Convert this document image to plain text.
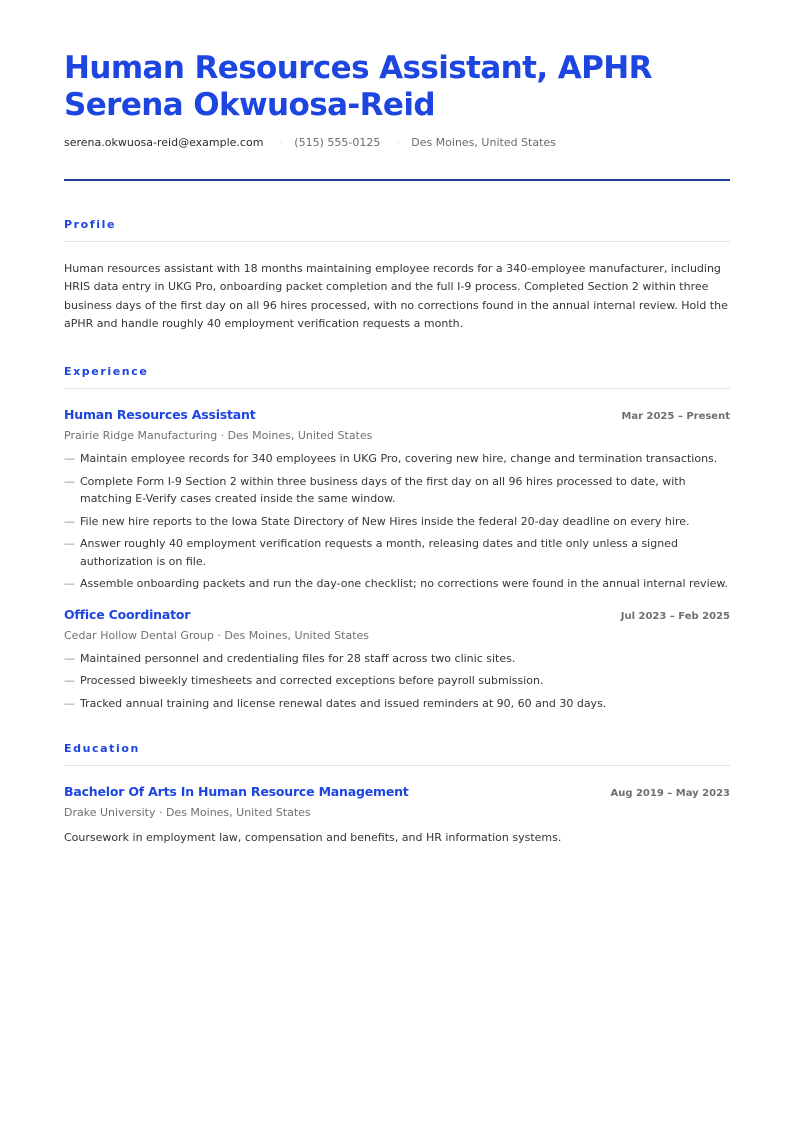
Human Resources Assistant, APHR Serena Okwuosa-Reid
serena.okwuosa-reid@example.com · (515) 555-0125 · Des Moines, United States
Profile

Human resources assistant with 18 months maintaining employee records for a 340-employee manufacturer, including HRIS data entry in UKG Pro, onboarding packet completion and the full I-9 process. Completed Section 2 within three business days of the first day on all 96 hires processed, with no corrections found in the annual internal review. Hold the aPHR and handle roughly 40 employment verification requests a month.

Experience
Human Resources Assistant	Mar 2025 – Present
Prairie Ridge Manufacturing · Des Moines, United States
— Maintain employee records for 340 employees in UKG Pro, covering new hire, change and termination transactions.
— Complete Form I-9 Section 2 within three business days of the first day on all 96 hires processed to date, with matching E-Verify cases created inside the same window.
— File new hire reports to the Iowa State Directory of New Hires inside the federal 20-day deadline on every hire.
— Answer roughly 40 employment verification requests a month, releasing dates and title only unless a signed authorization is on file.
— Assemble onboarding packets and run the day-one checklist; no corrections were found in the annual internal review.
Office Coordinator	Jul 2023 – Feb 2025
Cedar Hollow Dental Group · Des Moines, United States
— Maintained personnel and credentialing files for 28 staff across two clinic sites.
— Processed biweekly timesheets and corrected exceptions before payroll submission.
— Tracked annual training and license renewal dates and issued reminders at 90, 60 and 30 days.
Education
Bachelor Of Arts In Human Resource Management	Aug 2019 – May 2023
Drake University · Des Moines, United States
Coursework in employment law, compensation and benefits, and HR information systems.
